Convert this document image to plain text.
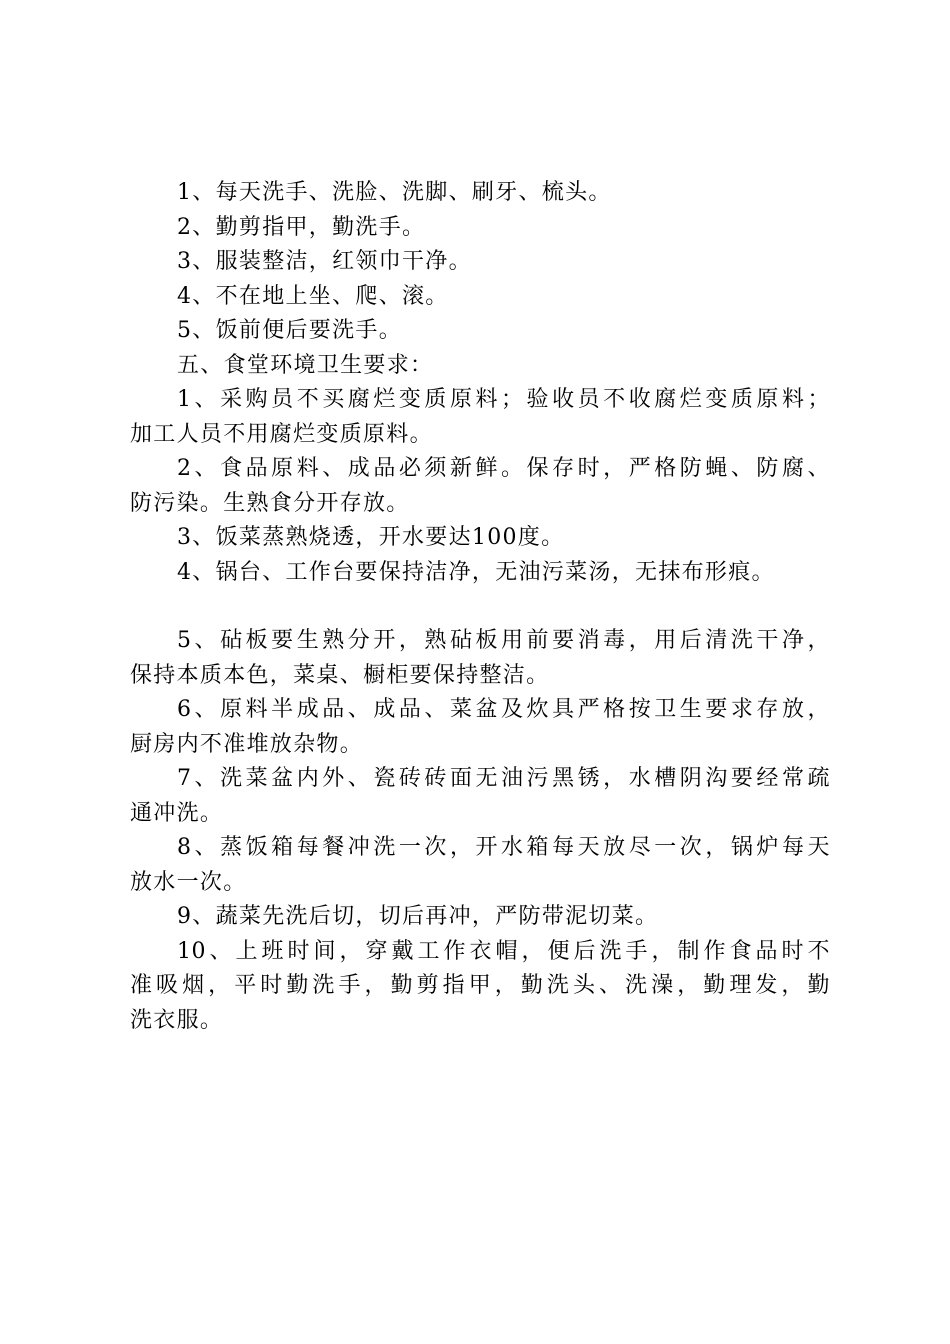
1、每天洗手、洗脸、洗脚、刷牙、梳头。
2、勤剪指甲，勤洗手。
3、服装整洁，红领巾干净。
4、不在地上坐、爬、滚。
5、饭前便后要洗手。
五、食堂环境卫生要求：
1、采购员不买腐烂变质原料；验收员不收腐烂变质原料；
加工人员不用腐烂变质原料。
2、食品原料、成品必须新鲜。保存时，严格防蝇、防腐、
防污染。生熟食分开存放。
3、饭菜蒸熟烧透，开水要达100度。
4、锅台、工作台要保持洁净，无油污菜汤，无抹布形痕。
5、砧板要生熟分开，熟砧板用前要消毒，用后清洗干净，
保持本质本色，菜桌、橱柜要保持整洁。
6、原料半成品、成品、菜盆及炊具严格按卫生要求存放，
厨房内不准堆放杂物。
7、洗菜盆内外、瓷砖砖面无油污黑锈，水槽阴沟要经常疏
通冲洗。
8、蒸饭箱每餐冲洗一次，开水箱每天放尽一次，锅炉每天
放水一次。
9、蔬菜先洗后切，切后再冲，严防带泥切菜。
10、上班时间，穿戴工作衣帽，便后洗手，制作食品时不
准吸烟，平时勤洗手，勤剪指甲，勤洗头、洗澡，勤理发，勤
洗衣服。
